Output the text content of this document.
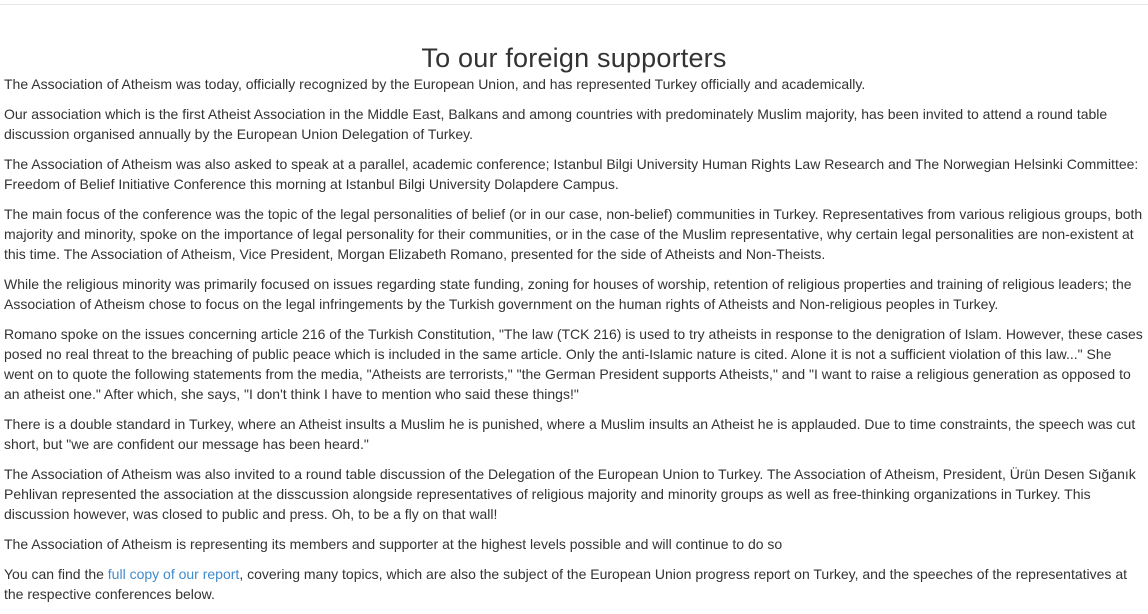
To our foreign supporters

The Association of Atheism was today, officially recognized by the European Union, and has represented Turkey officially and academically.

Our association which is the first Atheist Association in the Middle East, Balkans and among countries with predominately Muslim majority, has been invited to attend a round table discussion organised annually by the European Union Delegation of Turkey.

The Association of Atheism was also asked to speak at a parallel, academic conference; Istanbul Bilgi University Human Rights Law Research and The Norwegian Helsinki Committee: Freedom of Belief Initiative Conference this morning at Istanbul Bilgi University Dolapdere Campus.

The main focus of the conference was the topic of the legal personalities of belief (or in our case, non-belief) communities in Turkey. Representatives from various religious groups, both majority and minority, spoke on the importance of legal personality for their communities, or in the case of the Muslim representative, why certain legal personalities are non-existent at this time. The Association of Atheism, Vice President, Morgan Elizabeth Romano, presented for the side of Atheists and Non-Theists.

While the religious minority was primarily focused on issues regarding state funding, zoning for houses of worship, retention of religious properties and training of religious leaders; the Association of Atheism chose to focus on the legal infringements by the Turkish government on the human rights of Atheists and Non-religious peoples in Turkey.

Romano spoke on the issues concerning article 216 of the Turkish Constitution, "The law (TCK 216) is used to try atheists in response to the denigration of Islam. However, these cases posed no real threat to the breaching of public peace which is included in the same article. Only the anti-Islamic nature is cited. Alone it is not a sufficient violation of this law..." She went on to quote the following statements from the media, "Atheists are terrorists," "the German President supports Atheists," and "I want to raise a religious generation as opposed to an atheist one." After which, she says, "I don't think I have to mention who said these things!"

There is a double standard in Turkey, where an Atheist insults a Muslim he is punished, where a Muslim insults an Atheist he is applauded. Due to time constraints, the speech was cut short, but "we are confident our message has been heard."

The Association of Atheism was also invited to a round table discussion of the Delegation of the European Union to Turkey. The Association of Atheism, President, Ürün Desen Sığanık Pehlivan represented the association at the disscussion alongside representatives of religious majority and minority groups as well as free-thinking organizations in Turkey. This discussion however, was closed to public and press. Oh, to be a fly on that wall!

The Association of Atheism is representing its members and supporter at the highest levels possible and will continue to do so

You can find the full copy of our report, covering many topics, which are also the subject of the European Union progress report on Turkey, and the speeches of the representatives at the respective conferences below.
